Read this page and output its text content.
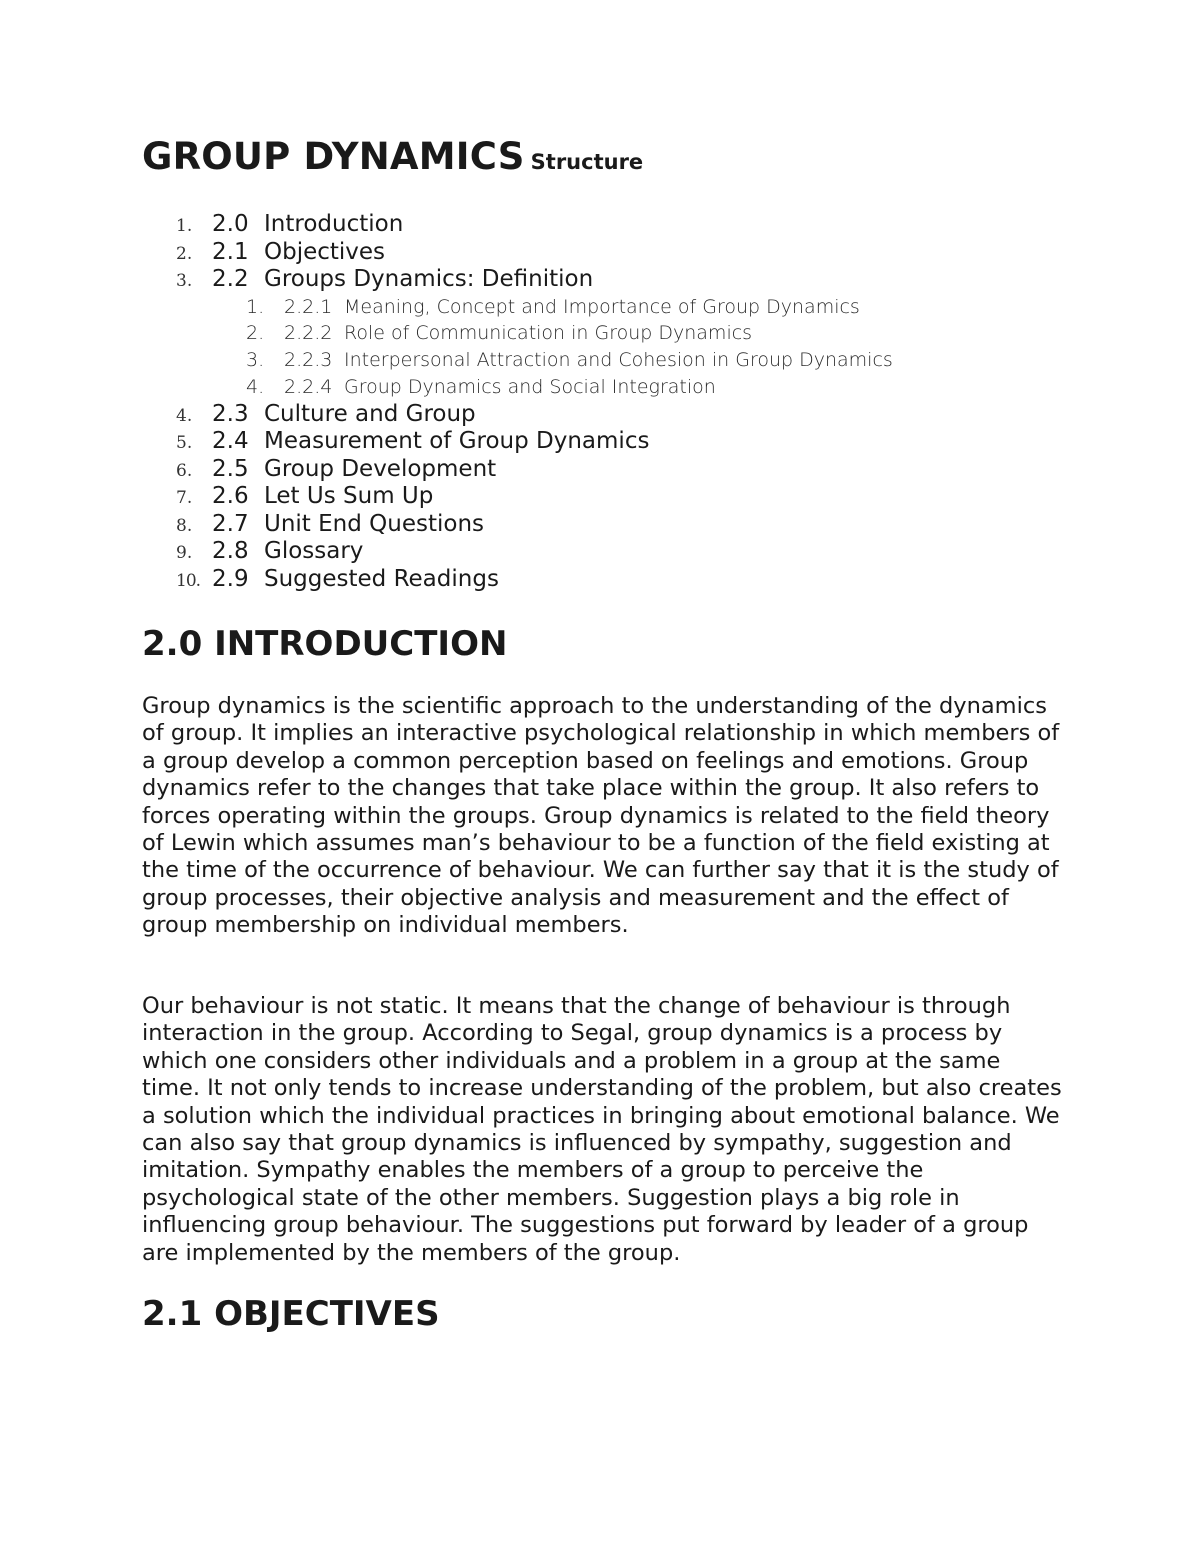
GROUP DYNAMICS Structure
1. 2.0 Introduction
2. 2.1 Objectives
3. 2.2 Groups Dynamics: Definition
1. 2.2.1 Meaning, Concept and Importance of Group Dynamics
2. 2.2.2 Role of Communication in Group Dynamics
3. 2.2.3 Interpersonal Attraction and Cohesion in Group Dynamics
4. 2.2.4 Group Dynamics and Social Integration
4. 2.3 Culture and Group
5. 2.4 Measurement of Group Dynamics
6. 2.5 Group Development
7. 2.6 Let Us Sum Up
8. 2.7 Unit End Questions
9. 2.8 Glossary
10. 2.9 Suggested Readings
2.0 INTRODUCTION

Group dynamics is the scientific approach to the understanding of the dynamics of group. It implies an interactive psychological relationship in which members of a group develop a common perception based on feelings and emotions. Group dynamics refer to the changes that take place within the group. It also refers to forces operating within the groups. Group dynamics is related to the field theory of Lewin which assumes man’s behaviour to be a function of the field existing at the time of the occurrence of behaviour. We can further say that it is the study of group processes, their objective analysis and measurement and the effect of group membership on individual members.

Our behaviour is not static. It means that the change of behaviour is through interaction in the group. According to Segal, group dynamics is a process by which one considers other individuals and a problem in a group at the same time. It not only tends to increase understanding of the problem, but also creates a solution which the individual practices in bringing about emotional balance. We can also say that group dynamics is influenced by sympathy, suggestion and imitation. Sympathy enables the members of a group to perceive the psychological state of the other members. Suggestion plays a big role in influencing group behaviour. The suggestions put forward by leader of a group are implemented by the members of the group.

2.1 OBJECTIVES
